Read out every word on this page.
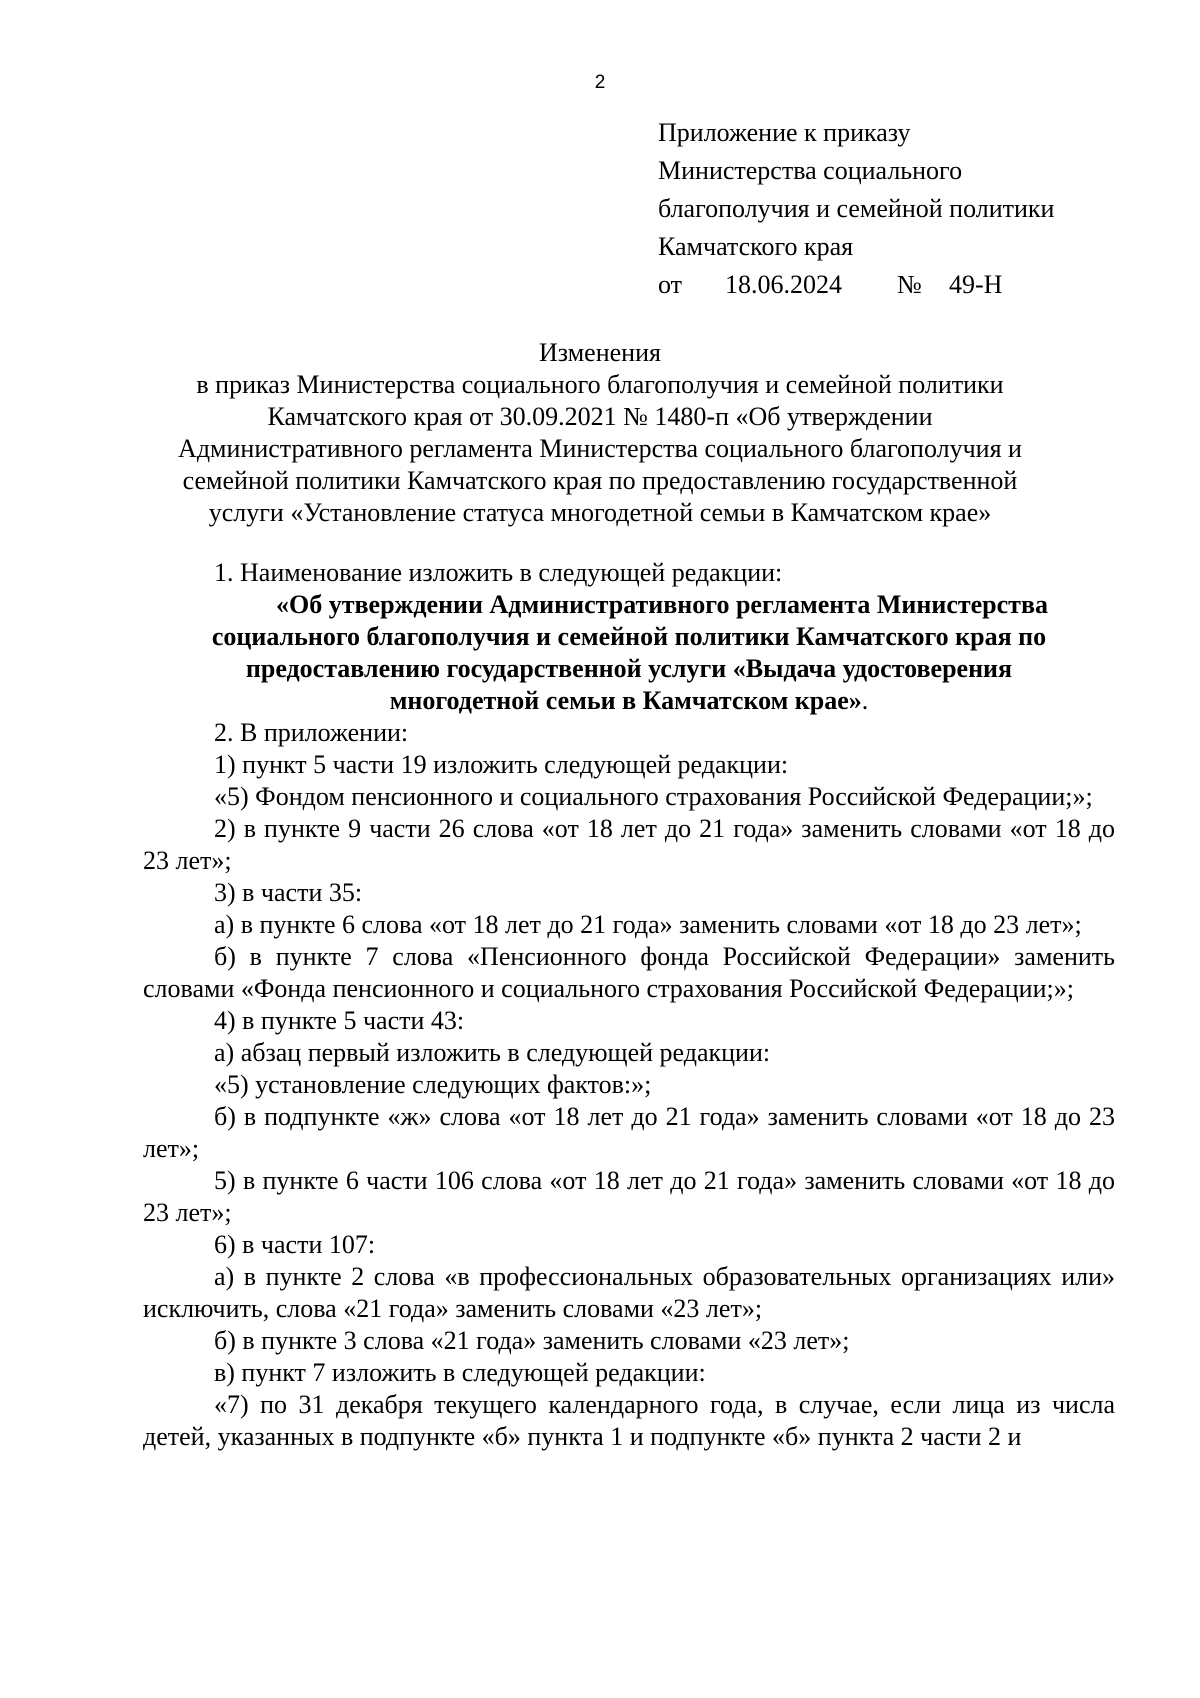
2
Приложение к приказу
Министерства социального
благополучия и семейной политики
Камчатского края
от 18.06.2024 № 49-Н
Изменения
в приказ Министерства социального благополучия и семейной политики
Камчатского края от 30.09.2021 № 1480-п «Об утверждении
Административного регламента Министерства социального благополучия и
семейной политики Камчатского края по предоставлению государственной
услуги «Установление статуса многодетной семьи в Камчатском крае»

1. Наименование изложить в следующей редакции:

«Об утверждении Административного регламента Министерства
социального благополучия и семейной политики Камчатского края по
предоставлению государственной услуги «Выдача удостоверения
многодетной семьи в Камчатском крае».

2. В приложении:

1) пункт 5 части 19 изложить следующей редакции:

«5) Фондом пенсионного и социального страхования Российской Федерации;»;

2) в пункте 9 части 26 слова «от 18 лет до 21 года» заменить словами «от 18 до 23 лет»;

3) в части 35:

а) в пункте 6 слова «от 18 лет до 21 года» заменить словами «от 18 до 23 лет»;

б) в пункте 7 слова «Пенсионного фонда Российской Федерации» заменить словами «Фонда пенсионного и социального страхования Российской Федерации;»;

4) в пункте 5 части 43:

а) абзац первый изложить в следующей редакции:

«5) установление следующих фактов:»;

б) в подпункте «ж» слова «от 18 лет до 21 года» заменить словами «от 18 до 23 лет»;

5) в пункте 6 части 106 слова «от 18 лет до 21 года» заменить словами «от 18 до 23 лет»;

6) в части 107:

а) в пункте 2 слова «в профессиональных образовательных организациях или» исключить, слова «21 года» заменить словами «23 лет»;

б) в пункте 3 слова «21 года» заменить словами «23 лет»;

в) пункт 7 изложить в следующей редакции:

«7) по 31 декабря текущего календарного года, в случае, если лица из числа детей, указанных в подпункте «б» пункта 1 и подпункте «б» пункта 2 части 2 и
